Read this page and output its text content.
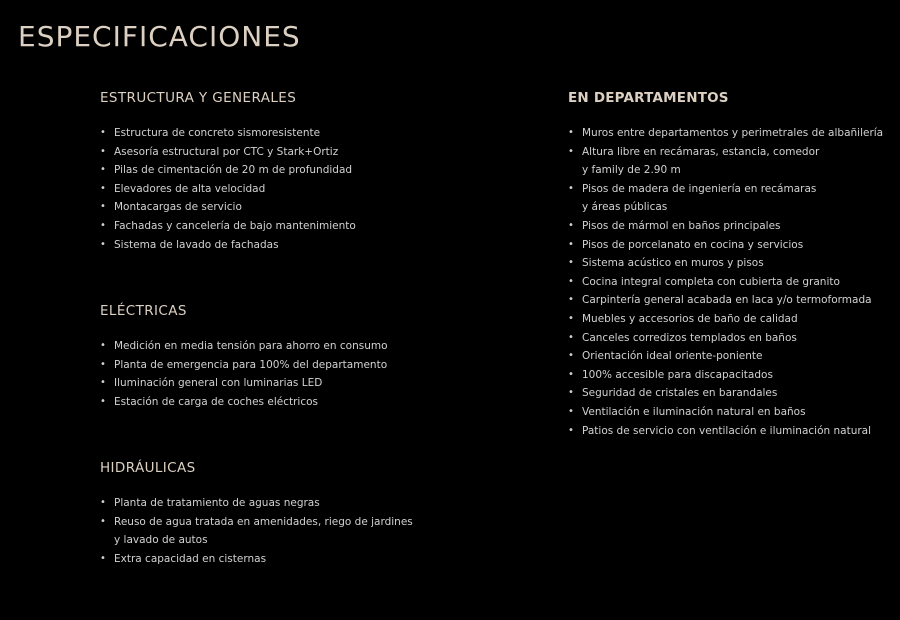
ESPECIFICACIONES
ESTRUCTURA Y GENERALES
• Estructura de concreto sismoresistente
• Asesoría estructural por CTC y Stark+Ortiz
• Pilas de cimentación de 20 m de profundidad
• Elevadores de alta velocidad
• Montacargas de servicio
• Fachadas y cancelería de bajo mantenimiento
• Sistema de lavado de fachadas
ELÉCTRICAS
• Medición en media tensión para ahorro en consumo
• Planta de emergencia para 100% del departamento
• Iluminación general con luminarias LED
• Estación de carga de coches eléctricos
HIDRÁULICAS
• Planta de tratamiento de aguas negras
• Reuso de agua tratada en amenidades, riego de jardines
y lavado de autos
• Extra capacidad en cisternas
EN DEPARTAMENTOS
• Muros entre departamentos y perimetrales de albañilería
• Altura libre en recámaras, estancia, comedor
y family de 2.90 m
• Pisos de madera de ingeniería en recámaras
y áreas públicas
• Pisos de mármol en baños principales
• Pisos de porcelanato en cocina y servicios
• Sistema acústico en muros y pisos
• Cocina integral completa con cubierta de granito
• Carpintería general acabada en laca y/o termoformada
• Muebles y accesorios de baño de calidad
• Canceles corredizos templados en baños
• Orientación ideal oriente-poniente
• 100% accesible para discapacitados
• Seguridad de cristales en barandales
• Ventilación e iluminación natural en baños
• Patios de servicio con ventilación e iluminación natural
